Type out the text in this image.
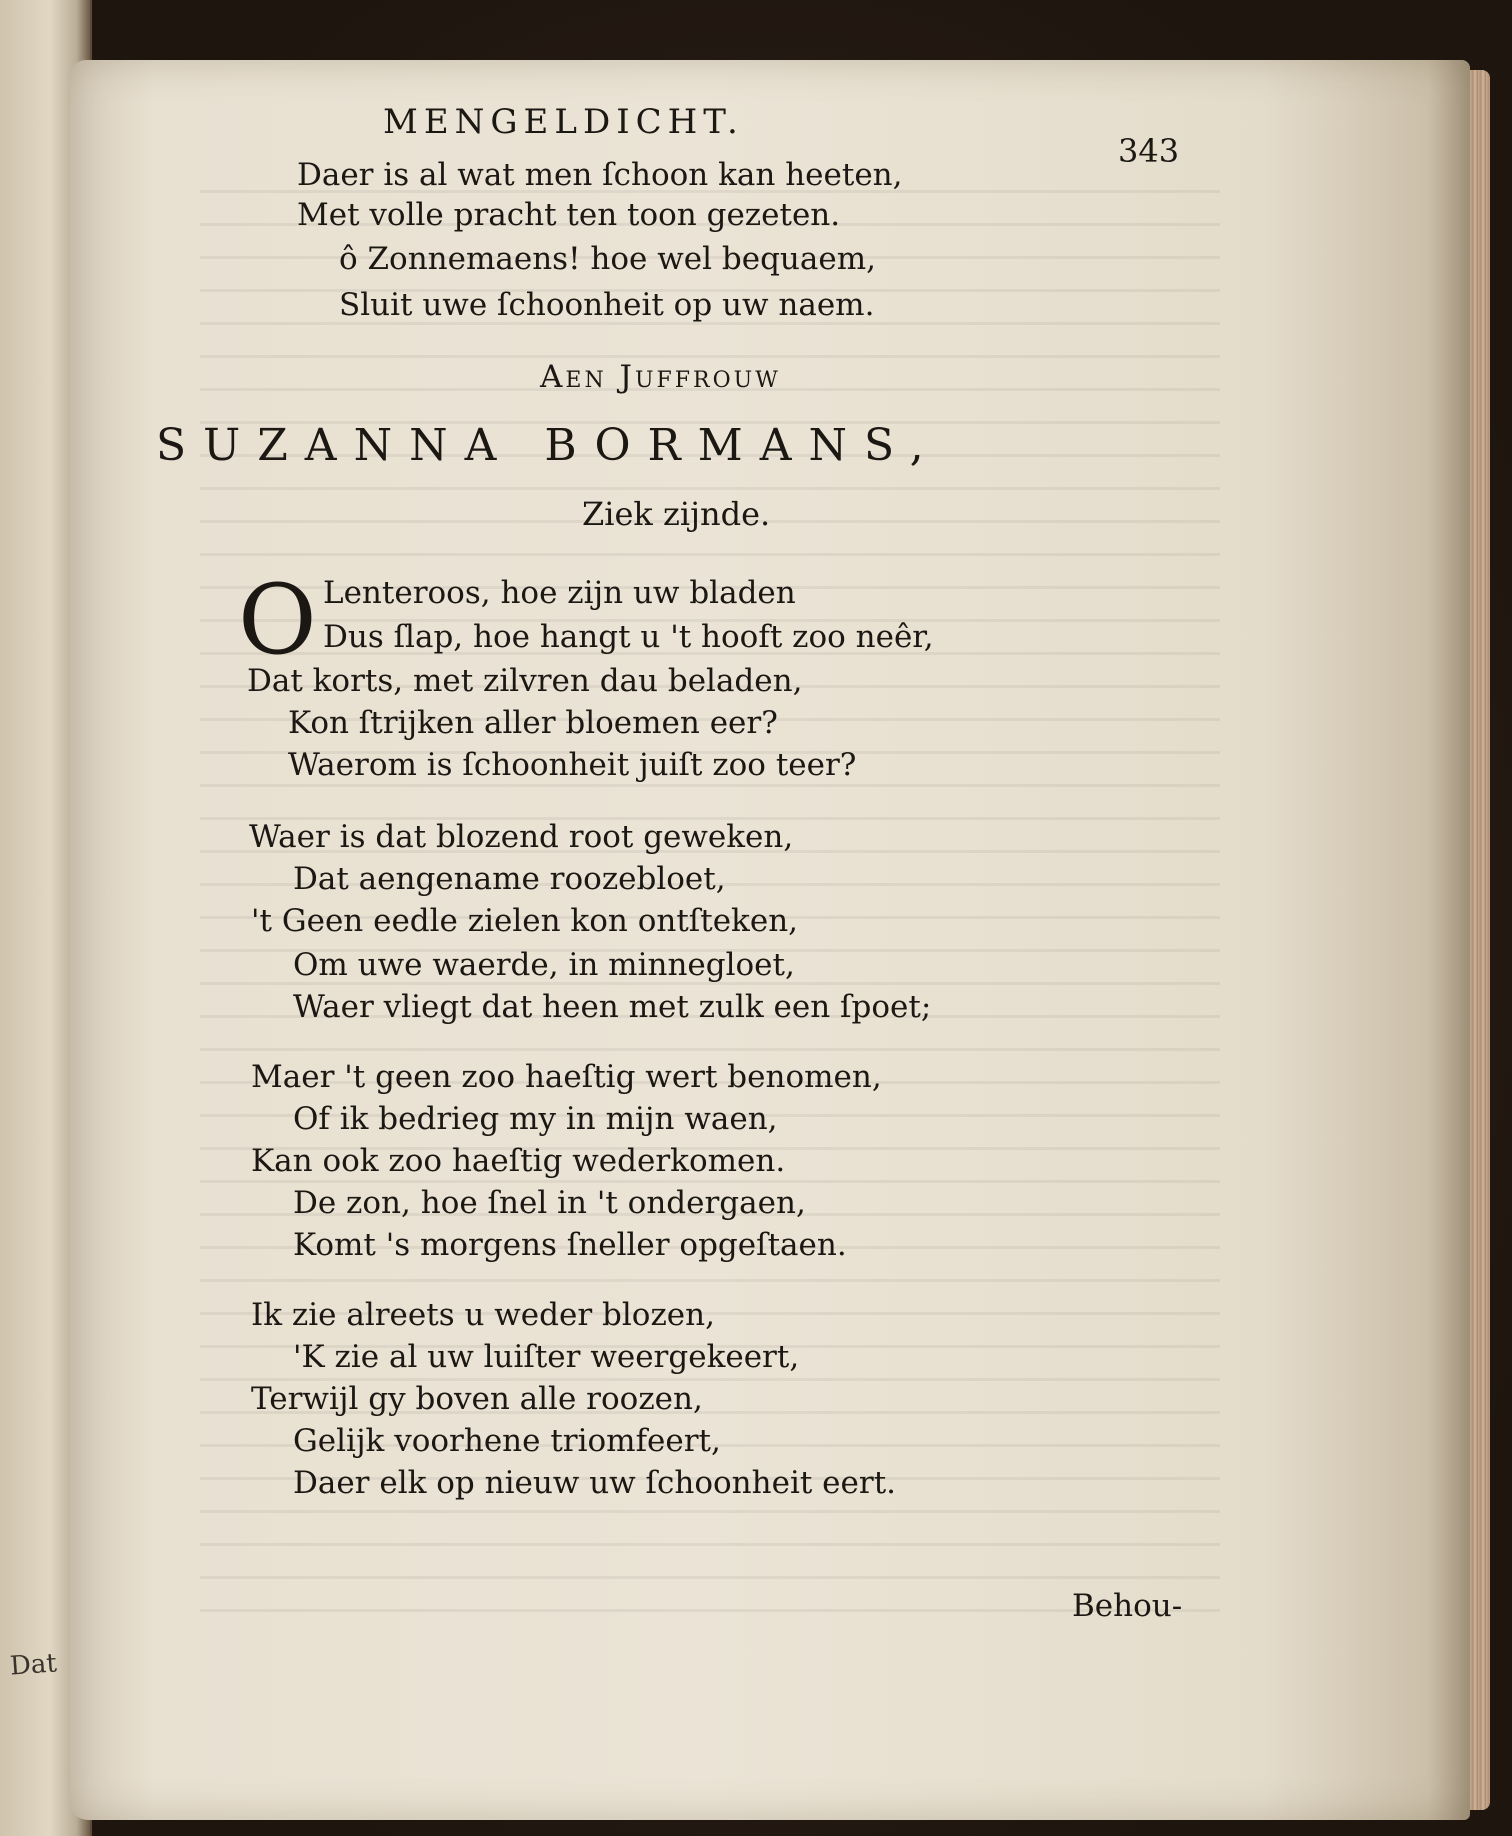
Dat
MENGELDICHT.
343
Daer is al wat men ſchoon kan heeten,
Met volle pracht ten toon gezeten.
ô Zonnemaens! hoe wel bequaem,
Sluit uwe ſchoonheit op uw naem.
Aen Juffrouw
SUZANNA BORMANS,
Ziek zijnde.
O Lenteroos, hoe zijn uw bladen
Dus ſlap, hoe hangt u 't hooft zoo neêr,
Dat korts, met zilvren dau beladen,
Kon ſtrijken aller bloemen eer?
Waerom is ſchoonheit juiſt zoo teer?
Waer is dat blozend root geweken,
Dat aengename roozebloet,
't Geen eedle zielen kon ontſteken,
Om uwe waerde, in minnegloet,
Waer vliegt dat heen met zulk een ſpoet;
Maer 't geen zoo haeſtig wert benomen,
Of ik bedrieg my in mijn waen,
Kan ook zoo haeſtig wederkomen.
De zon, hoe ſnel in 't ondergaen,
Komt 's morgens ſneller opgeſtaen.
Ik zie alreets u weder blozen,
'K zie al uw luiſter weergekeert,
Terwijl gy boven alle roozen,
Gelijk voorhene triomfeert,
Daer elk op nieuw uw ſchoonheit eert.
Behou-
